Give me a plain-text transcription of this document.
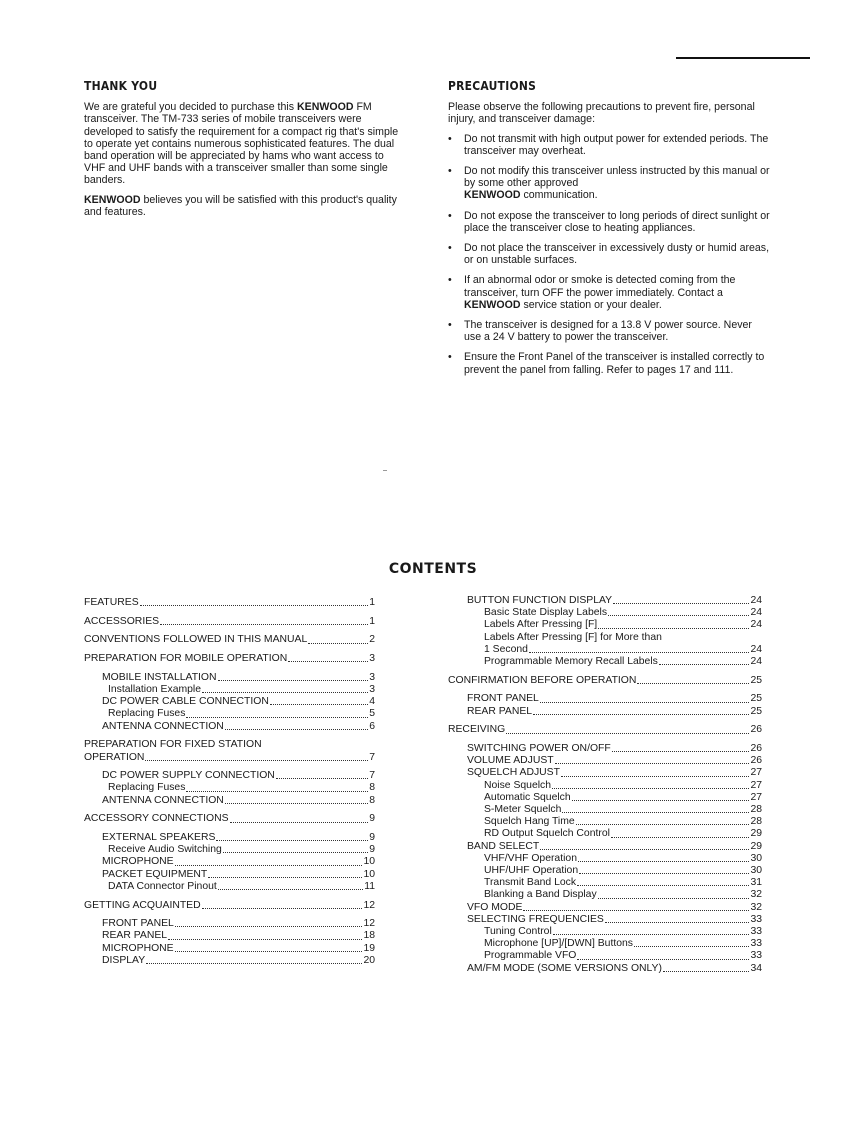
THANK YOU

We are grateful you decided to purchase this KENWOOD FM transceiver. The TM-733 series of mobile transceivers were developed to satisfy the requirement for a compact rig that's simple to operate yet contains numerous sophisticated features. The dual band operation will be appreciated by hams who want access to VHF and UHF bands with a transceiver smaller than some single banders.

KENWOOD believes you will be satisfied with this product's quality and features.

PRECAUTIONS

Please observe the following precautions to prevent fire, personal injury, and transceiver damage:

• Do not transmit with high output power for extended periods. The transceiver may overheat.
• Do not modify this transceiver unless instructed by this manual or by some other approved
KENWOOD communication.
• Do not expose the transceiver to long periods of direct sunlight or place the transceiver close to heating appliances.
• Do not place the transceiver in excessively dusty or humid areas, or on unstable surfaces.
• If an abnormal odor or smoke is detected coming from the transceiver, turn OFF the power immediately. Contact a KENWOOD service station or your dealer.
• The transceiver is designed for a 13.8 V power source. Never use a 24 V battery to power the transceiver.
• Ensure the Front Panel of the transceiver is installed correctly to prevent the panel from falling. Refer to pages 17 and 111.
CONTENTS
FEATURES	1
ACCESSORIES	1
CONVENTIONS FOLLOWED IN THIS MANUAL	2
PREPARATION FOR MOBILE OPERATION	3
MOBILE INSTALLATION	3
Installation Example	3
DC POWER CABLE CONNECTION	4
Replacing Fuses	5
ANTENNA CONNECTION	6
PREPARATION FOR FIXED STATION
OPERATION	7
DC POWER SUPPLY CONNECTION	7
Replacing Fuses	8
ANTENNA CONNECTION	8
ACCESSORY CONNECTIONS	9
EXTERNAL SPEAKERS	9
Receive Audio Switching	9
MICROPHONE	10
PACKET EQUIPMENT	10
DATA Connector Pinout	11
GETTING ACQUAINTED	12
FRONT PANEL	12
REAR PANEL	18
MICROPHONE	19
DISPLAY	20
BUTTON FUNCTION DISPLAY	24
Basic State Display Labels	24
Labels After Pressing [F]	24
Labels After Pressing [F] for More than
1 Second	24
Programmable Memory Recall Labels	24
CONFIRMATION BEFORE OPERATION	25
FRONT PANEL	25
REAR PANEL	25
RECEIVING	26
SWITCHING POWER ON/OFF	26
VOLUME ADJUST	26
SQUELCH ADJUST	27
Noise Squelch	27
Automatic Squelch	27
S-Meter Squelch	28
Squelch Hang Time	28
RD Output Squelch Control	29
BAND SELECT	29
VHF/VHF Operation	30
UHF/UHF Operation	30
Transmit Band Lock	31
Blanking a Band Display	32
VFO MODE	32
SELECTING FREQUENCIES	33
Tuning Control	33
Microphone [UP]/[DWN] Buttons	33
Programmable VFO	33
AM/FM MODE (SOME VERSIONS ONLY)	34
